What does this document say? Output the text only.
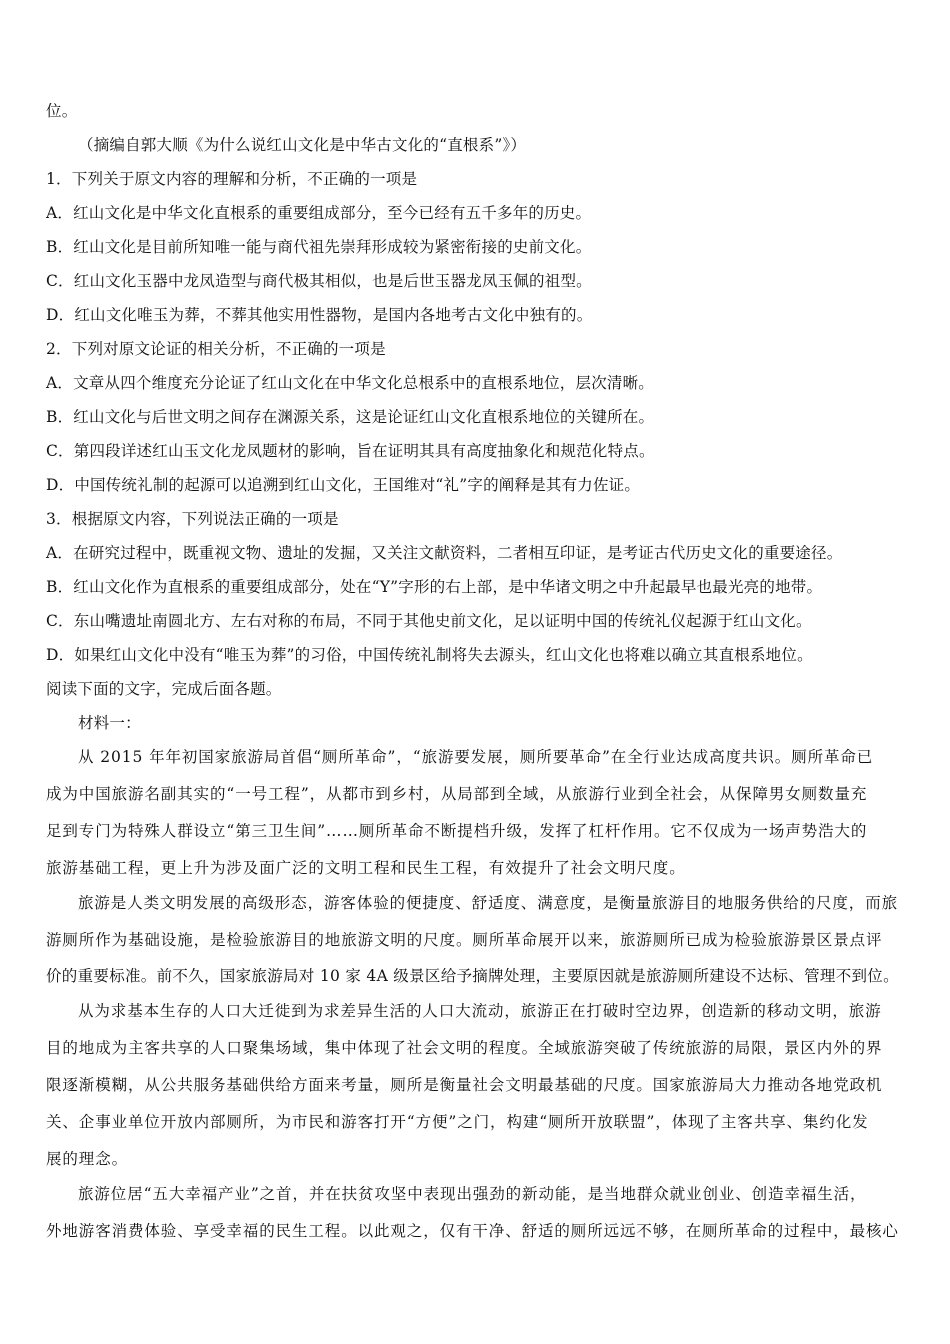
位。
（摘编自郭大顺《为什么说红山文化是中华古文化的“直根系”》）
1．下列关于原文内容的理解和分析，不正确的一项是
A．红山文化是中华文化直根系的重要组成部分，至今已经有五千多年的历史。
B．红山文化是目前所知唯一能与商代祖先崇拜形成较为紧密衔接的史前文化。
C．红山文化玉器中龙凤造型与商代极其相似，也是后世玉器龙凤玉佩的祖型。
D．红山文化唯玉为葬，不葬其他实用性器物，是国内各地考古文化中独有的。
2．下列对原文论证的相关分析，不正确的一项是
A．文章从四个维度充分论证了红山文化在中华文化总根系中的直根系地位，层次清晰。
B．红山文化与后世文明之间存在渊源关系，这是论证红山文化直根系地位的关键所在。
C．第四段详述红山玉文化龙凤题材的影响，旨在证明其具有高度抽象化和规范化特点。
D．中国传统礼制的起源可以追溯到红山文化，王国维对“礼”字的阐释是其有力佐证。
3．根据原文内容，下列说法正确的一项是
A．在研究过程中，既重视文物、遗址的发掘，又关注文献资料，二者相互印证，是考证古代历史文化的重要途径。
B．红山文化作为直根系的重要组成部分，处在“Y”字形的右上部，是中华诸文明之中升起最早也最光亮的地带。
C．东山嘴遗址南圆北方、左右对称的布局，不同于其他史前文化，足以证明中国的传统礼仪起源于红山文化。
D．如果红山文化中没有“唯玉为葬”的习俗，中国传统礼制将失去源头，红山文化也将难以确立其直根系地位。
阅读下面的文字，完成后面各题。
材料一：
从 2015 年年初国家旅游局首倡“厕所革命”，“旅游要发展，厕所要革命”在全行业达成高度共识。厕所革命已
成为中国旅游名副其实的“一号工程”，从都市到乡村，从局部到全域，从旅游行业到全社会，从保障男女厕数量充
足到专门为特殊人群设立“第三卫生间”……厕所革命不断提档升级，发挥了杠杆作用。它不仅成为一场声势浩大的
旅游基础工程，更上升为涉及面广泛的文明工程和民生工程，有效提升了社会文明尺度。
旅游是人类文明发展的高级形态，游客体验的便捷度、舒适度、满意度，是衡量旅游目的地服务供给的尺度，而旅
游厕所作为基础设施，是检验旅游目的地旅游文明的尺度。厕所革命展开以来，旅游厕所已成为检验旅游景区景点评
价的重要标准。前不久，国家旅游局对 10 家 4A 级景区给予摘牌处理，主要原因就是旅游厕所建设不达标、管理不到位。
从为求基本生存的人口大迁徙到为求差异生活的人口大流动，旅游正在打破时空边界，创造新的移动文明，旅游
目的地成为主客共享的人口聚集场域，集中体现了社会文明的程度。全域旅游突破了传统旅游的局限，景区内外的界
限逐渐模糊，从公共服务基础供给方面来考量，厕所是衡量社会文明最基础的尺度。国家旅游局大力推动各地党政机
关、企事业单位开放内部厕所，为市民和游客打开“方便”之门，构建“厕所开放联盟”，体现了主客共享、集约化发
展的理念。
旅游位居“五大幸福产业”之首，并在扶贫攻坚中表现出强劲的新动能，是当地群众就业创业、创造幸福生活，
外地游客消费体验、享受幸福的民生工程。以此观之，仅有干净、舒适的厕所远远不够，在厕所革命的过程中，最核心
